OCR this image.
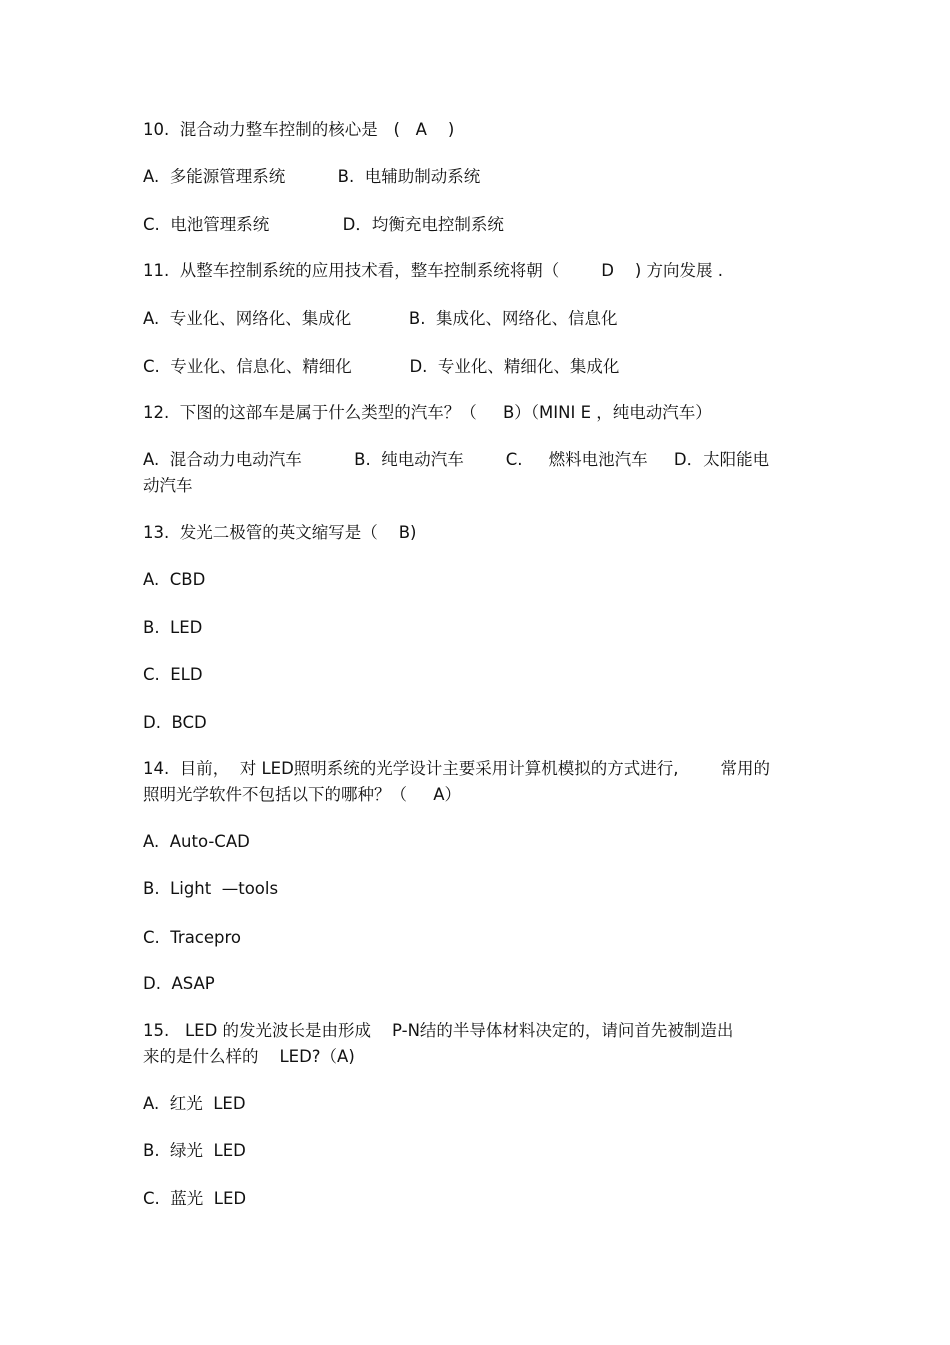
10.  混合动力整车控制的核心是   (   A    )
A.  多能源管理系统          B.  电辅助制动系统
C.  电池管理系统              D．均衡充电控制系统
11.  从整车控制系统的应用技术看，整车控制系统将朝（        D    ) 方向发展 .
A.  专业化、网络化、集成化           B.  集成化、网络化、信息化
C.  专业化、信息化、精细化           D.  专业化、精细化、集成化
12.  下图的这部车是属于什么类型的汽车？（     B）（MINI E ，纯电动汽车）
A.  混合动力电动汽车          B.  纯电动汽车        C.     燃料电池汽车     D．太阳能电
动汽车
13.  发光二极管的英文缩写是（    B)
A.  CBD
B.  LED
C.  ELD
D.  BCD
14.  目前，  对 LED照明系统的光学设计主要采用计算机模拟的方式进行,        常用的
照明光学软件不包括以下的哪种？（     A）
A.  Auto-CAD
B.  Light  —tools
C.  Tracepro
D.  ASAP
15.   LED 的发光波长是由形成    P-N结的半导体材料决定的，请问首先被制造出
来的是什么样的    LED?（A)
A.  红光  LED
B.  绿光  LED
C.  蓝光  LED
